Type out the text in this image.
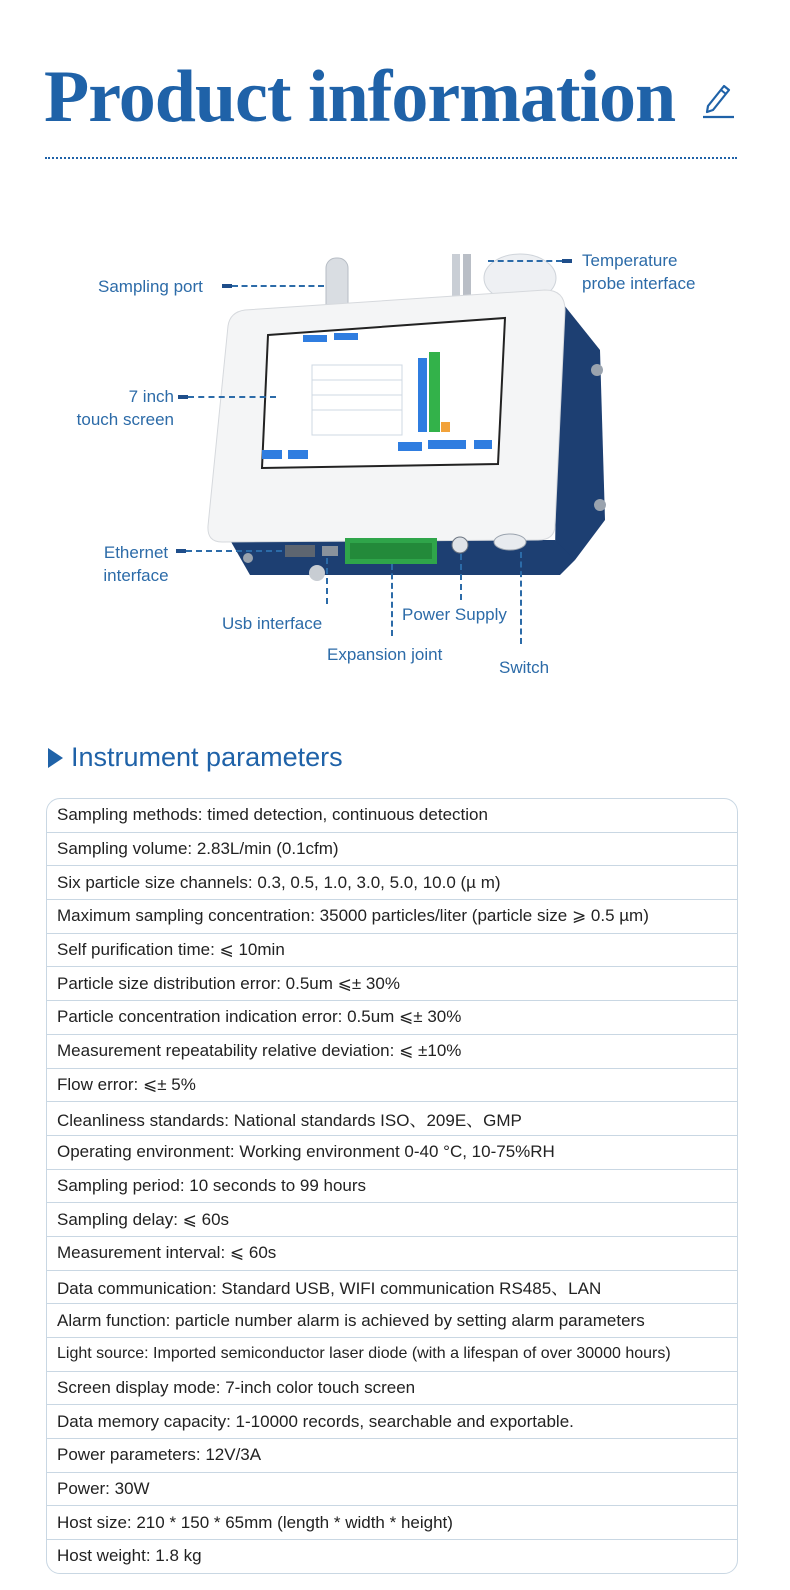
Product information
Sampling port
Temperature
probe interface
7 inch
touch screen
Ethernet
interface
Usb interface	Power Supply
Expansion joint
Switch
Instrument parameters
Sampling methods: timed detection, continuous detection
Sampling volume: 2.83L/min (0.1cfm)
Six particle size channels: 0.3, 0.5, 1.0, 3.0, 5.0, 10.0 (µ m)
Maximum sampling concentration: 35000 particles/liter (particle size ⩾ 0.5 µm)
Self purification time: ⩽ 10min
Particle size distribution error: 0.5um ⩽± 30%
Particle concentration indication error: 0.5um ⩽± 30%
Measurement repeatability relative deviation: ⩽ ±10%
Flow error: ⩽± 5%
Cleanliness standards: National standards ISO、209E、GMP
Operating environment: Working environment 0-40 °C, 10-75%RH
Sampling period: 10 seconds to 99 hours
Sampling delay: ⩽ 60s
Measurement interval: ⩽ 60s
Data communication: Standard USB, WIFI communication RS485、LAN
Alarm function: particle number alarm is achieved by setting alarm parameters
Light source: Imported semiconductor laser diode (with a lifespan of over 30000 hours)
Screen display mode: 7-inch color touch screen
Data memory capacity: 1-10000 records, searchable and exportable.
Power parameters: 12V/3A
Power: 30W
Host size: 210 * 150 * 65mm (length * width * height)
Host weight: 1.8 kg
